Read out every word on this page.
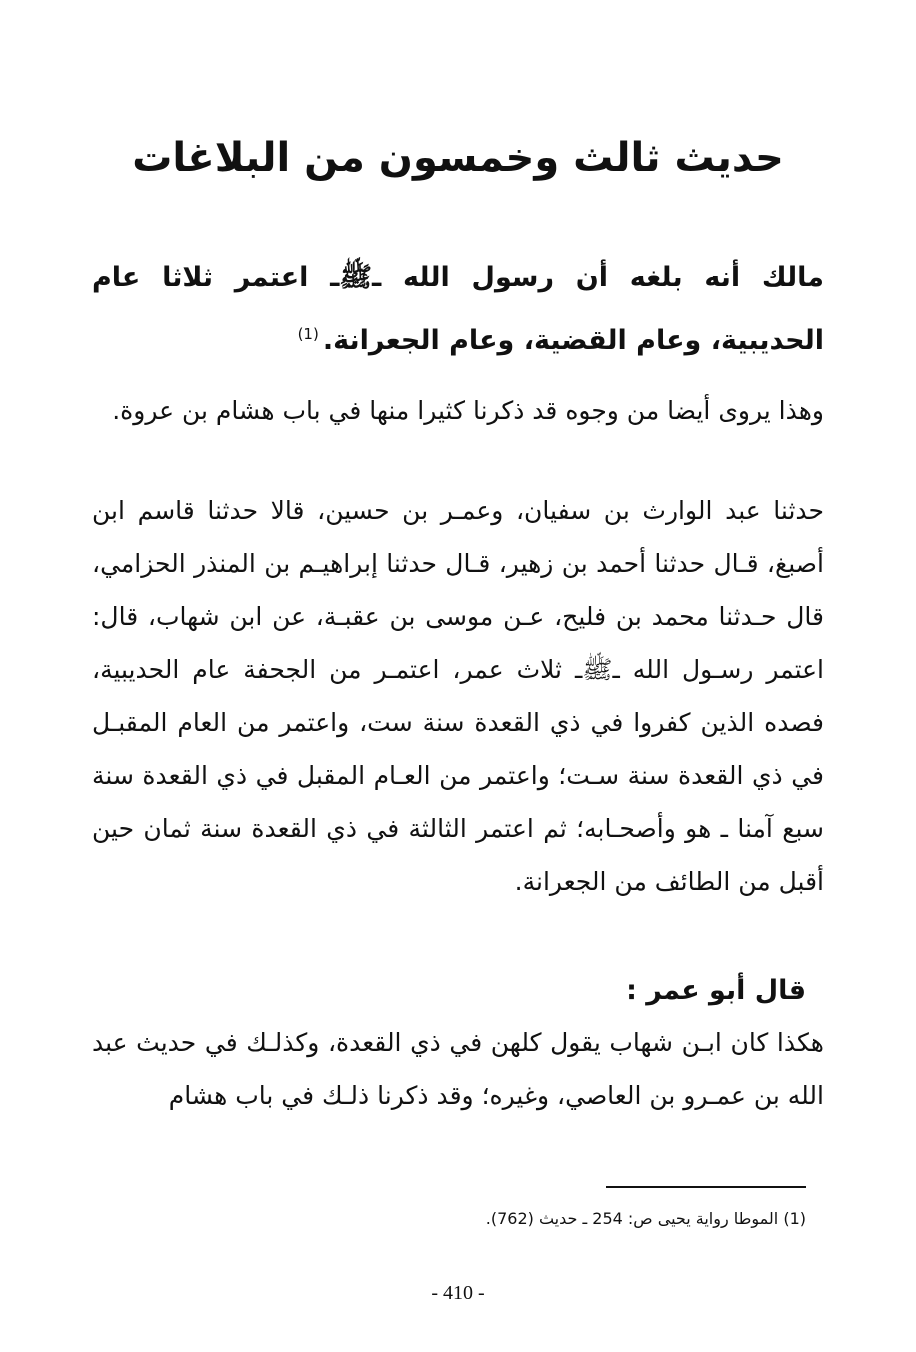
حديث ثالث وخمسون من البلاغات

مالك أنه بلغه أن رسول الله ـﷺـ اعتمر ثلاثا عام الحديبية، وعام القضية، وعام الجعرانة.$^{(1)}$

وهذا يروى أيضا من وجوه قد ذكرنا كثيرا منها في باب هشام بن عروة.

حدثنا عبد الوارث بن سفيان، وعمـر بن حسين، قالا حدثنا قاسم ابن أصبغ، قـال حدثنا أحمد بن زهير، قـال حدثنا إبراهيـم بن المنذر الحزامي، قال حـدثنا محمد بن فليح، عـن موسى بن عقبـة، عن ابن شهاب، قال: اعتمر رسـول الله ـﷺـ ثلاث عمر، اعتمـر من الجحفة عام الحديبية، فصده الذين كفروا في ذي القعدة سنة ست، واعتمر من العام المقبـل في ذي القعدة سنة سـت؛ واعتمر من العـام المقبل في ذي القعدة سنة سبع آمنا ـ هو وأصحـابه؛ ثم اعتمر الثالثة في ذي القعدة سنة ثمان حين أقبل من الطائف من الجعرانة.

قال أبو عمر :

هكذا كان ابـن شهاب يقول كلهن في ذي القعدة، وكذلـك في حديث عبد الله بن عمـرو بن العاصي، وغيره؛ وقد ذكرنا ذلـك في باب هشام

(1) الموطا رواية يحيى ص: 254 ـ حديث (762).

- 410 -
